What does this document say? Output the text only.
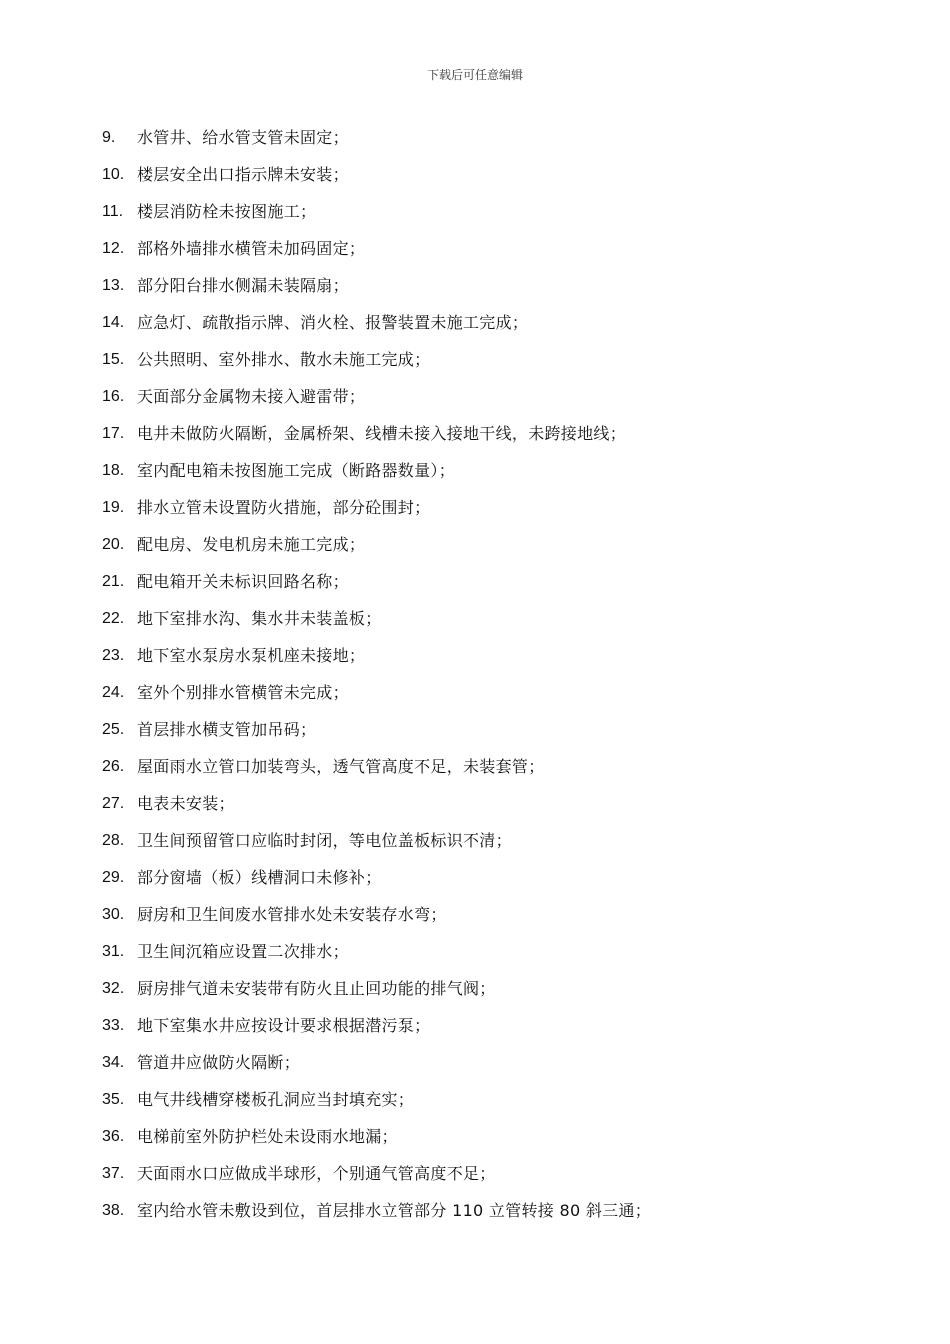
下载后可任意编辑
9. 水管井、给水管支管未固定；
10. 楼层安全出口指示牌未安装；
11. 楼层消防栓未按图施工；
12. 部格外墙排水横管未加码固定；
13. 部分阳台排水侧漏未装隔扇；
14. 应急灯、疏散指示牌、消火栓、报警装置未施工完成；
15. 公共照明、室外排水、散水未施工完成；
16. 天面部分金属物未接入避雷带；
17. 电井未做防火隔断，金属桥架、线槽未接入接地干线，未跨接地线；
18. 室内配电箱未按图施工完成（断路器数量）；
19. 排水立管未设置防火措施，部分砼围封；
20. 配电房、发电机房未施工完成；
21. 配电箱开关未标识回路名称；
22. 地下室排水沟、集水井未装盖板；
23. 地下室水泵房水泵机座未接地；
24. 室外个别排水管横管未完成；
25. 首层排水横支管加吊码；
26. 屋面雨水立管口加装弯头，透气管高度不足，未装套管；
27. 电表未安装；
28. 卫生间预留管口应临时封闭，等电位盖板标识不清；
29. 部分窗墙（板）线槽洞口未修补；
30. 厨房和卫生间废水管排水处未安装存水弯；
31. 卫生间沉箱应设置二次排水；
32. 厨房排气道未安装带有防火且止回功能的排气阀；
33. 地下室集水井应按设计要求根据潜污泵；
34. 管道井应做防火隔断；
35. 电气井线槽穿楼板孔洞应当封填充实；
36. 电梯前室外防护栏处未设雨水地漏；
37. 天面雨水口应做成半球形，个别通气管高度不足；
38. 室内给水管未敷设到位，首层排水立管部分 110 立管转接 80 斜三通；
